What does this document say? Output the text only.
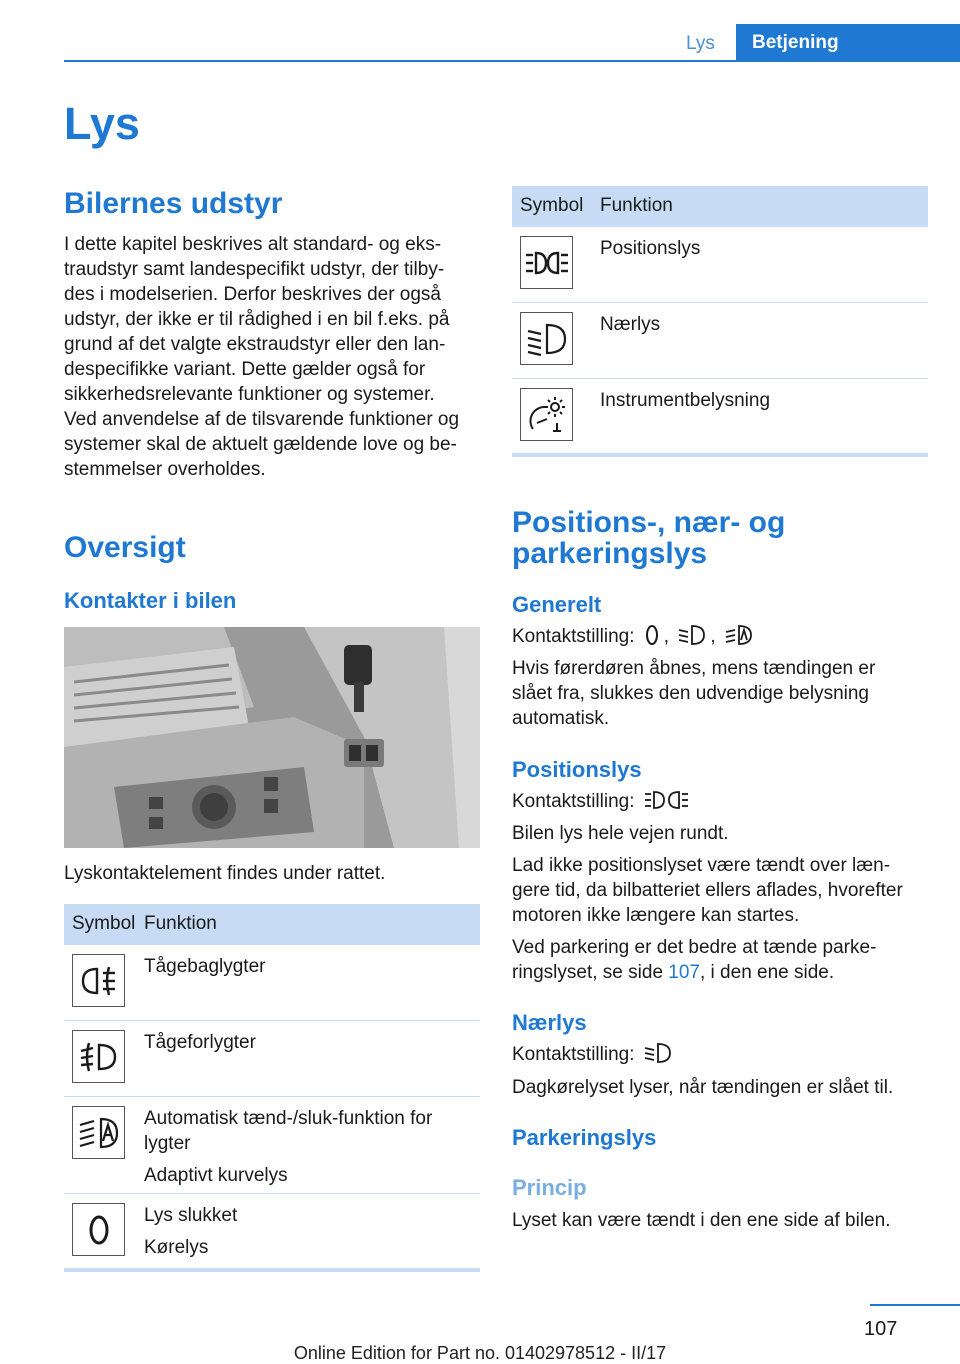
Lys	Betjening
Lys
Bilernes udstyr

I dette kapitel beskrives alt standard- og eks-
traudstyr samt landespecifikt udstyr, der tilby-
des i modelserien. Derfor beskrives der også
udstyr, der ikke er til rådighed i en bil f.eks. på
grund af det valgte ekstraudstyr eller den lan-
despecifikke variant. Dette gælder også for
sikkerhedsrelevante funktioner og systemer.
Ved anvendelse af de tilsvarende funktioner og
systemer skal de aktuelt gældende love og be-
stemmelser overholdes.

Oversigt
Kontakter i bilen

Lyskontaktelement findes under rattet.

Symbol	Funktion

Tågebaglygter

Tågeforlygter

Automatisk tænd-/sluk-funktion for lygter
Adaptivt kurvelys

Lys slukket
Kørelys
Symbol	Funktion

Positionslys

Nærlys

Instrumentbelysning
Positions-, nær- og
parkeringslys
Generelt

Kontaktstilling: , ,

Hvis førerdøren åbnes, mens tændingen er
slået fra, slukkes den udvendige belysning
automatisk.

Positionslys

Kontaktstilling:

Bilen lys hele vejen rundt.

Lad ikke positionslyset være tændt over læn-
gere tid, da bilbatteriet ellers aflades, hvorefter
motoren ikke længere kan startes.

Ved parkering er det bedre at tænde parke-
ringslyset, se side 107, i den ene side.

Nærlys

Kontaktstilling:

Dagkørelyset lyser, når tændingen er slået til.

Parkeringslys
Princip

Lyset kan være tændt i den ene side af bilen.

107
Online Edition for Part no. 01402978512 - II/17
